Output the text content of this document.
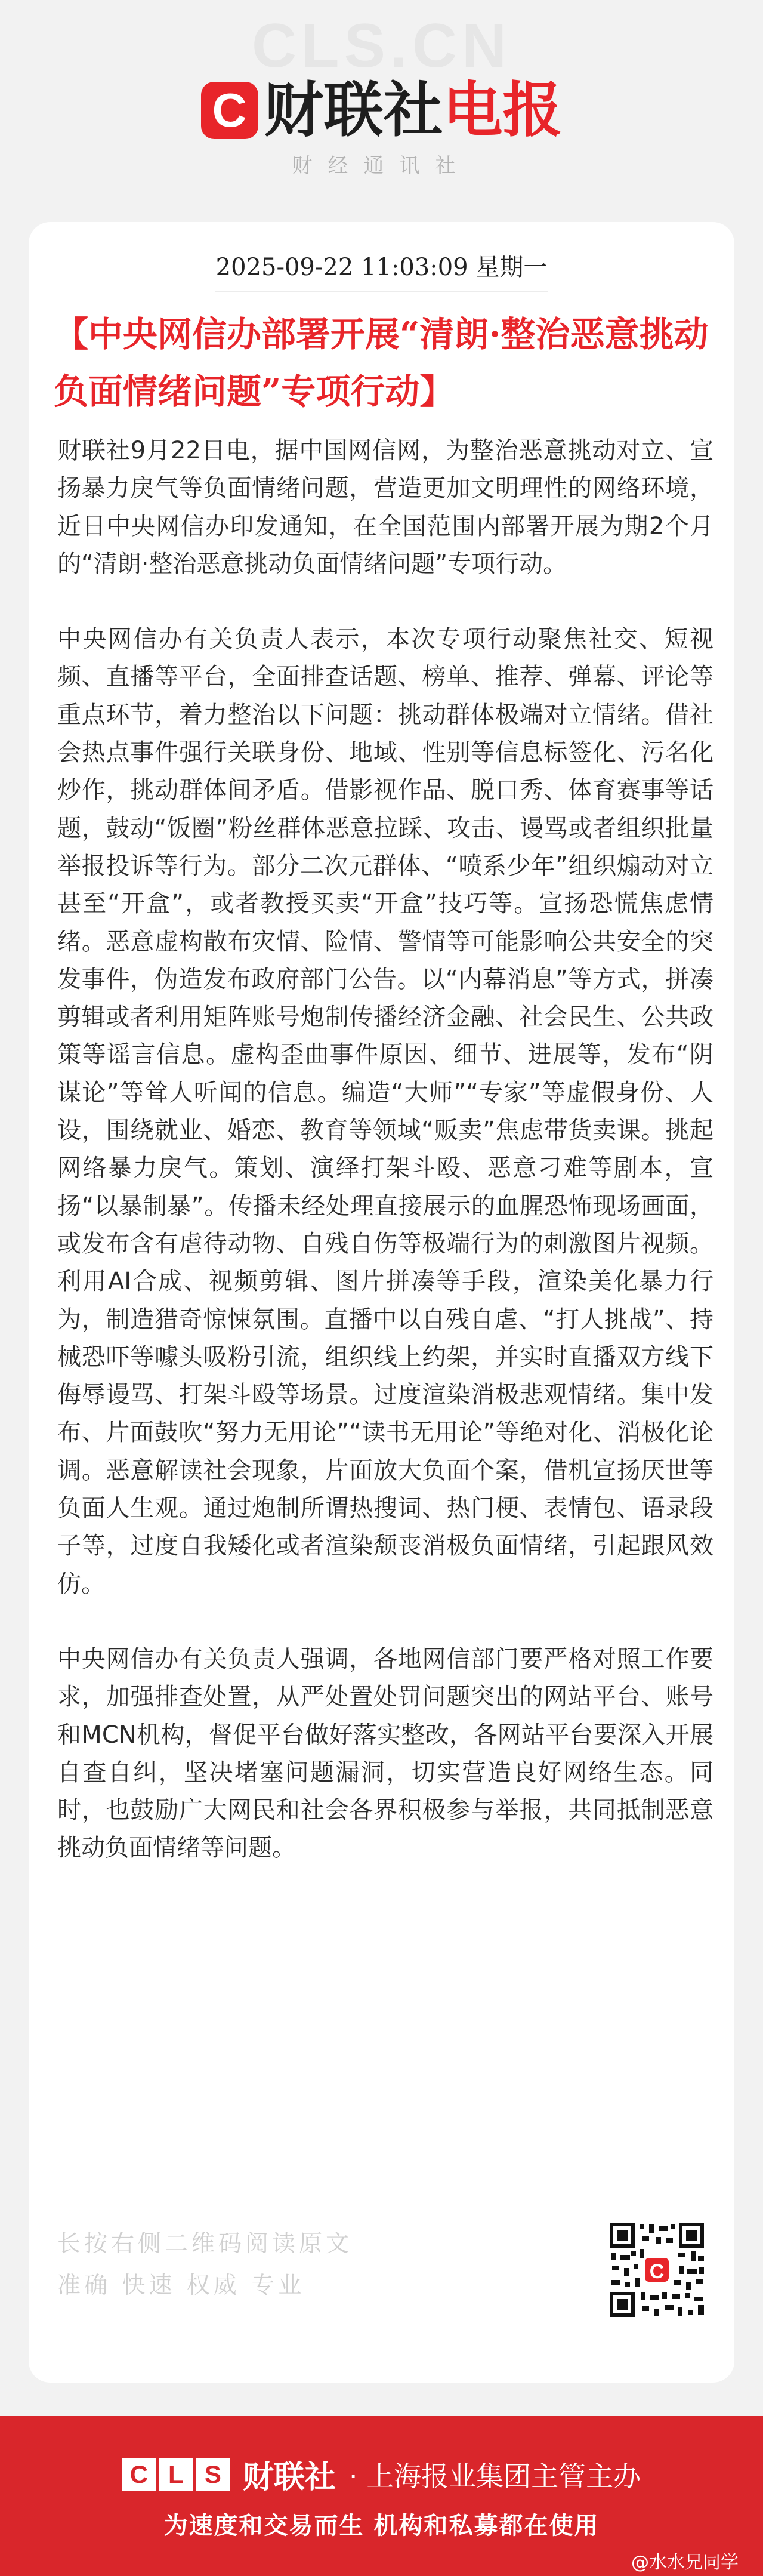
CLS.CN
C 财联社电报
财经通讯社
2025-09-22 11:03:09 星期一
【中央网信办部署开展“清朗·整治恶意挑动负面情绪问题”专项行动】

财联社9月22日电，据中国网信网，为整治恶意挑动对立、宣扬暴力戾气等负面情绪问题，营造更加文明理性的网络环境，近日中央网信办印发通知，在全国范围内部署开展为期2个月的“清朗·整治恶意挑动负面情绪问题”专项行动。

中央网信办有关负责人表示，本次专项行动聚焦社交、短视频、直播等平台，全面排查话题、榜单、推荐、弹幕、评论等重点环节，着力整治以下问题：挑动群体极端对立情绪。借社会热点事件强行关联身份、地域、性别等信息标签化、污名化炒作，挑动群体间矛盾。借影视作品、脱口秀、体育赛事等话题，鼓动“饭圈”粉丝群体恶意拉踩、攻击、谩骂或者组织批量举报投诉等行为。部分二次元群体、“喷系少年”组织煽动对立甚至“开盒”，或者教授买卖“开盒”技巧等。宣扬恐慌焦虑情绪。恶意虚构散布灾情、险情、警情等可能影响公共安全的突发事件，伪造发布政府部门公告。以“内幕消息”等方式，拼凑剪辑或者利用矩阵账号炮制传播经济金融、社会民生、公共政策等谣言信息。虚构歪曲事件原因、细节、进展等，发布“阴谋论”等耸人听闻的信息。编造“大师”“专家”等虚假身份、人设，围绕就业、婚恋、教育等领域“贩卖”焦虑带货卖课。挑起网络暴力戾气。策划、演绎打架斗殴、恶意刁难等剧本，宣扬“以暴制暴”。传播未经处理直接展示的血腥恐怖现场画面，或发布含有虐待动物、自残自伤等极端行为的刺激图片视频。利用AI合成、视频剪辑、图片拼凑等手段，渲染美化暴力行为，制造猎奇惊悚氛围。直播中以自残自虐、“打人挑战”、持械恐吓等噱头吸粉引流，组织线上约架，并实时直播双方线下侮辱谩骂、打架斗殴等场景。过度渲染消极悲观情绪。集中发布、片面鼓吹“努力无用论”“读书无用论”等绝对化、消极化论调。恶意解读社会现象，片面放大负面个案，借机宣扬厌世等负面人生观。通过炮制所谓热搜词、热门梗、表情包、语录段子等，过度自我矮化或者渲染颓丧消极负面情绪，引起跟风效仿。

中央网信办有关负责人强调，各地网信部门要严格对照工作要求，加强排查处置，从严处置处罚问题突出的网站平台、账号和MCN机构，督促平台做好落实整改，各网站平台要深入开展自查自纠，坚决堵塞问题漏洞，切实营造良好网络生态。同时，也鼓励广大网民和社会各界积极参与举报，共同抵制恶意挑动负面情绪等问题。

长按右侧二维码阅读原文
准确 快速 权威 专业
C
C L S 财联社 · 上海报业集团主管主办
为速度和交易而生 机构和私募都在使用
@水水兄同学
